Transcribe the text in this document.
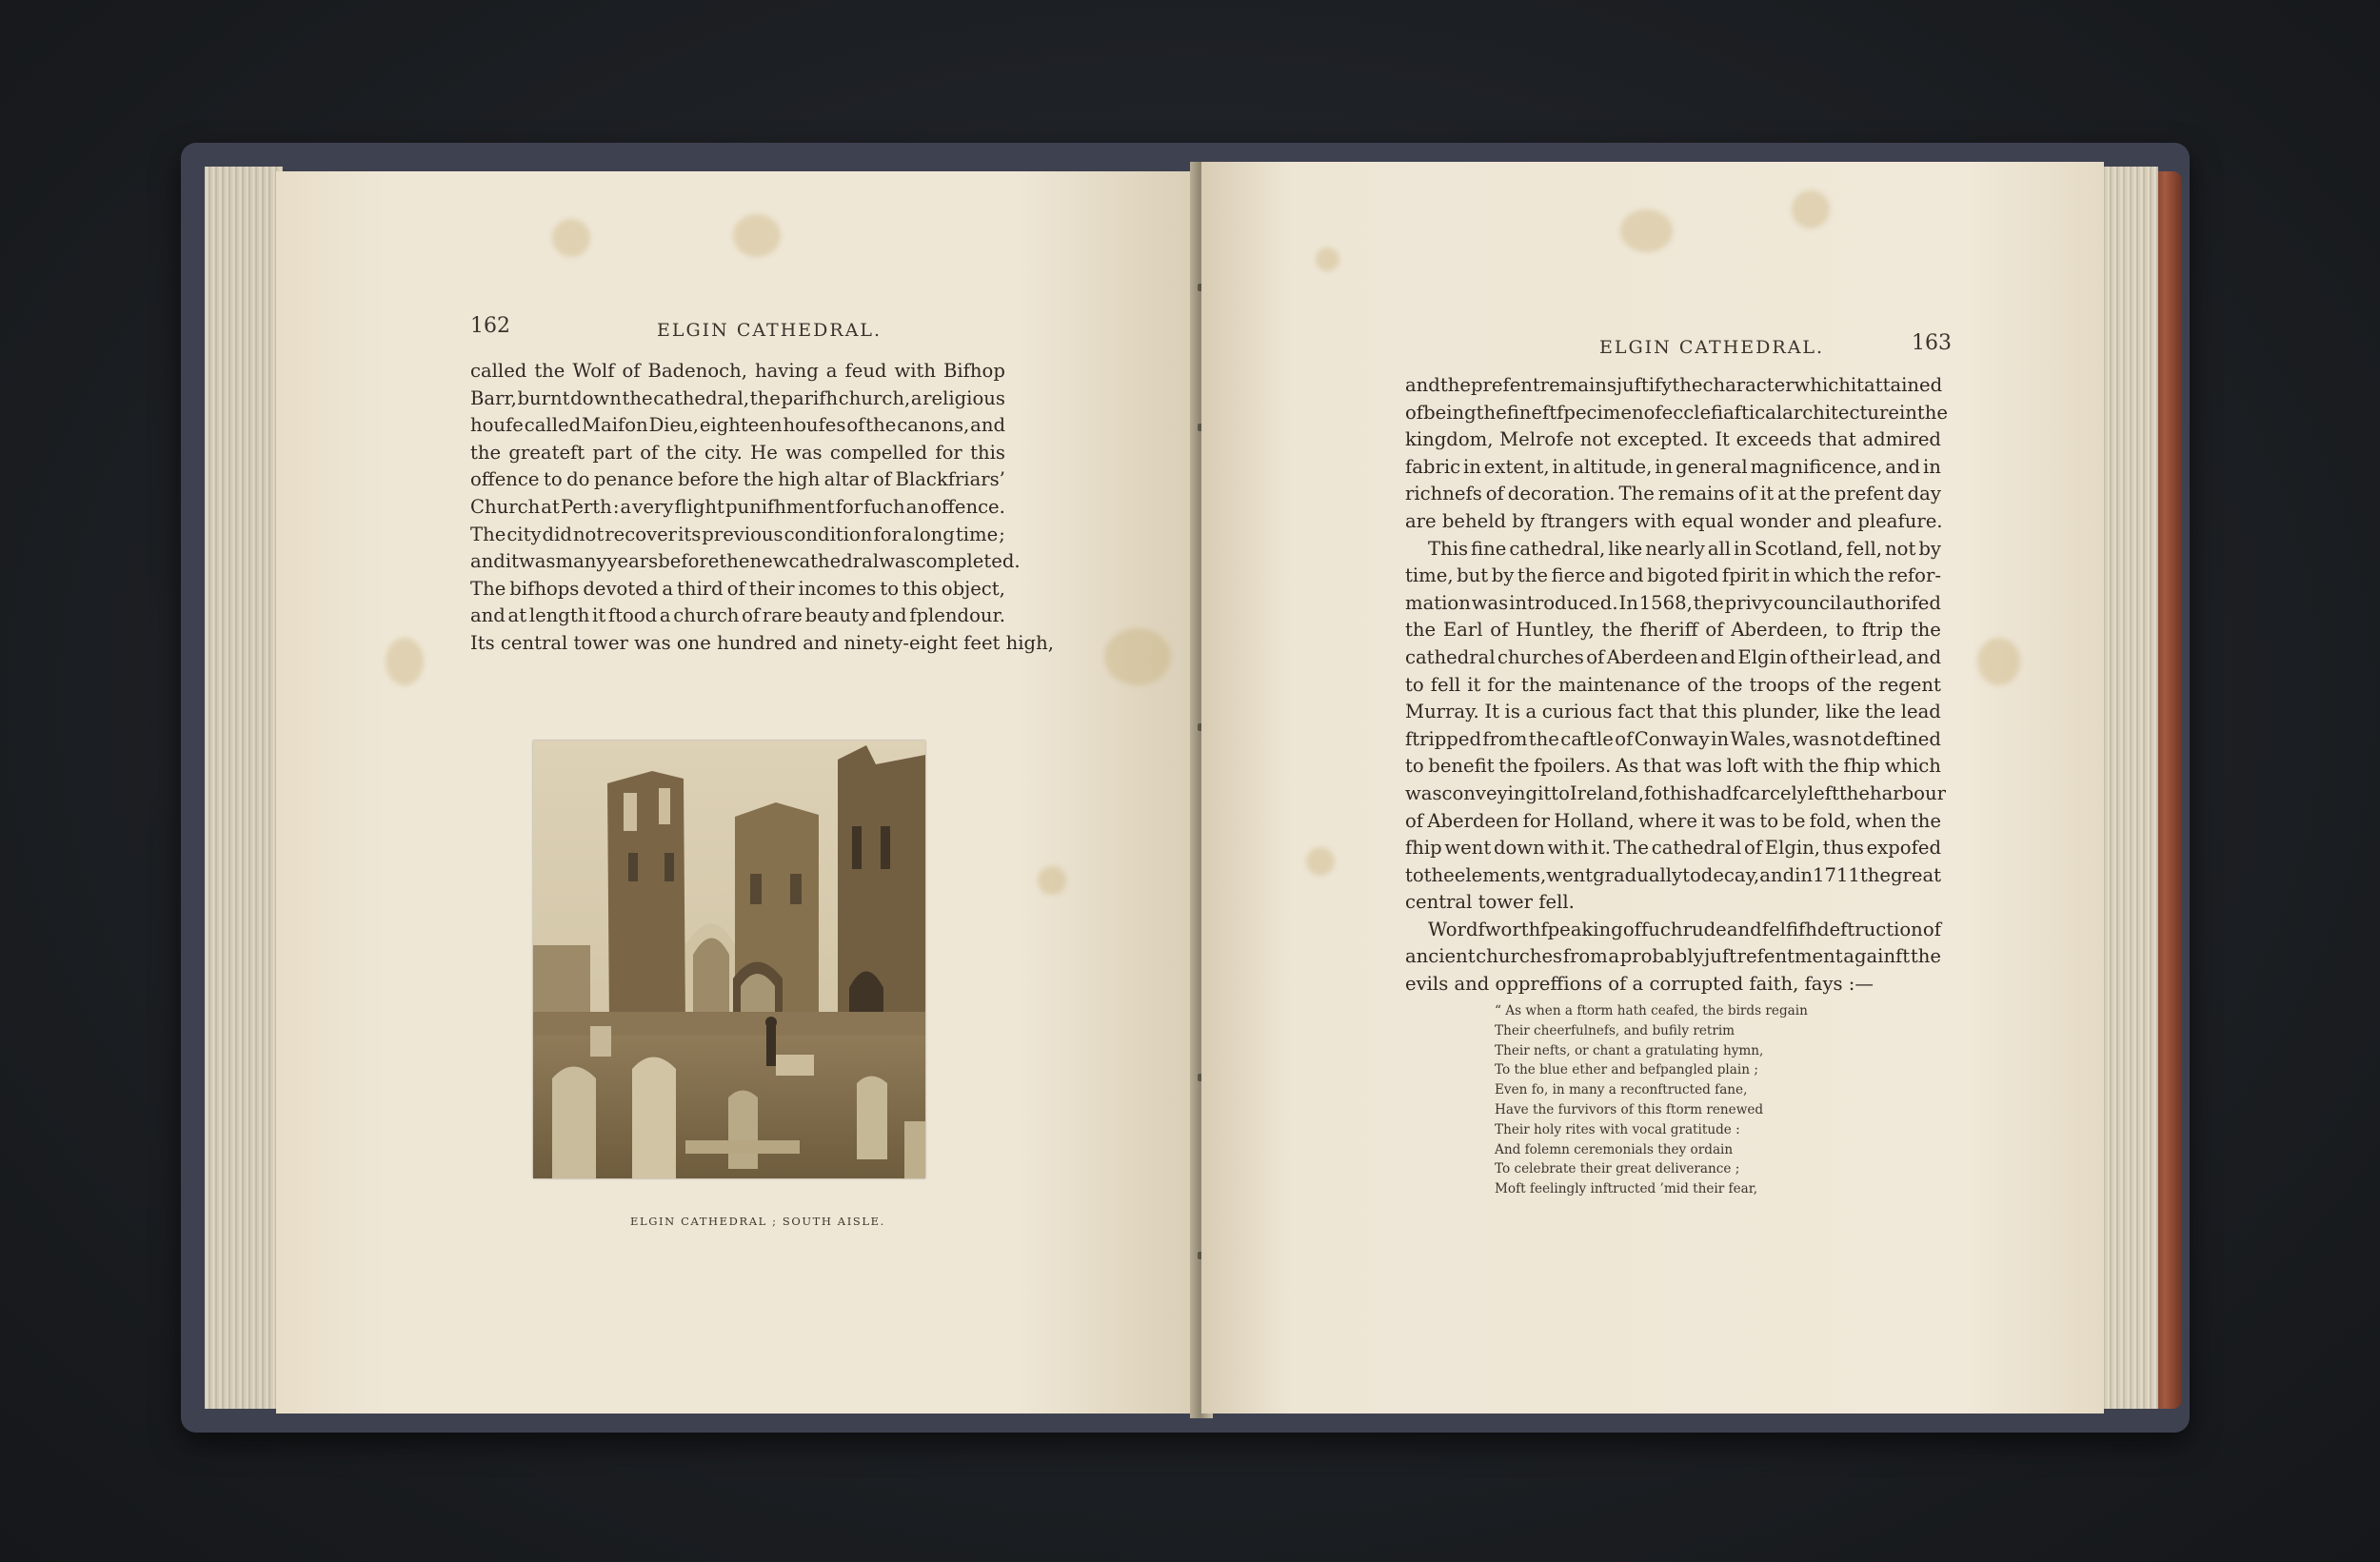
162	ELGIN CATHEDRAL.
called the Wolf of Badenoch, having a feud with Bifhop
Barr, burnt down the cathedral, the parifh church, a religious
houfe called Maifon Dieu, eighteen houfes of the canons, and
the greateft part of the city. He was compelled for this
offence to do penance before the high altar of Blackfriars’
Church at Perth : a very flight punifhment for fuch an offence.
The city did not recover its previous condition for a long time ;
and it was many years before the new cathedral was completed.
The bifhops devoted a third of their incomes to this object,
and at length it ftood a church of rare beauty and fplendour.
Its central tower was one hundred and ninety-eight feet high,
ELGIN CATHEDRAL ; SOUTH AISLE.
ELGIN CATHEDRAL.	163
and the prefent remains juftify the character which it attained
of being the fineft fpecimen of ecclefiaftical architecture in the
kingdom, Melrofe not excepted. It exceeds that admired
fabric in extent, in altitude, in general magnificence, and in
richnefs of decoration. The remains of it at the prefent day
are beheld by ftrangers with equal wonder and pleafure.
This fine cathedral, like nearly all in Scotland, fell, not by
time, but by the fierce and bigoted fpirit in which the refor-
mation was introduced. In 1568, the privy council authorifed
the Earl of Huntley, the fheriff of Aberdeen, to ftrip the
cathedral churches of Aberdeen and Elgin of their lead, and
to fell it for the maintenance of the troops of the regent
Murray. It is a curious fact that this plunder, like the lead
ftripped from the caftle of Conway in Wales, was not deftined
to benefit the fpoilers. As that was loft with the fhip which
was conveying it to Ireland, fo this had fcarcely left the harbour
of Aberdeen for Holland, where it was to be fold, when the
fhip went down with it. The cathedral of Elgin, thus expofed
to the elements, went gradually to decay, and in 1711 the great
central tower fell.
Wordfworth fpeaking of fuch rude and felfifh deftruction of
ancient churches from a probably juft refentment againft the
evils and oppreffions of a corrupted faith, fays :—
“ As when a ftorm hath ceafed, the birds regain
Their cheerfulnefs, and bufily retrim
Their nefts, or chant a gratulating hymn,
To the blue ether and befpangled plain ;
Even fo, in many a reconftructed fane,
Have the furvivors of this ftorm renewed
Their holy rites with vocal gratitude :
And folemn ceremonials they ordain
To celebrate their great deliverance ;
Moft feelingly inftructed ’mid their fear,
